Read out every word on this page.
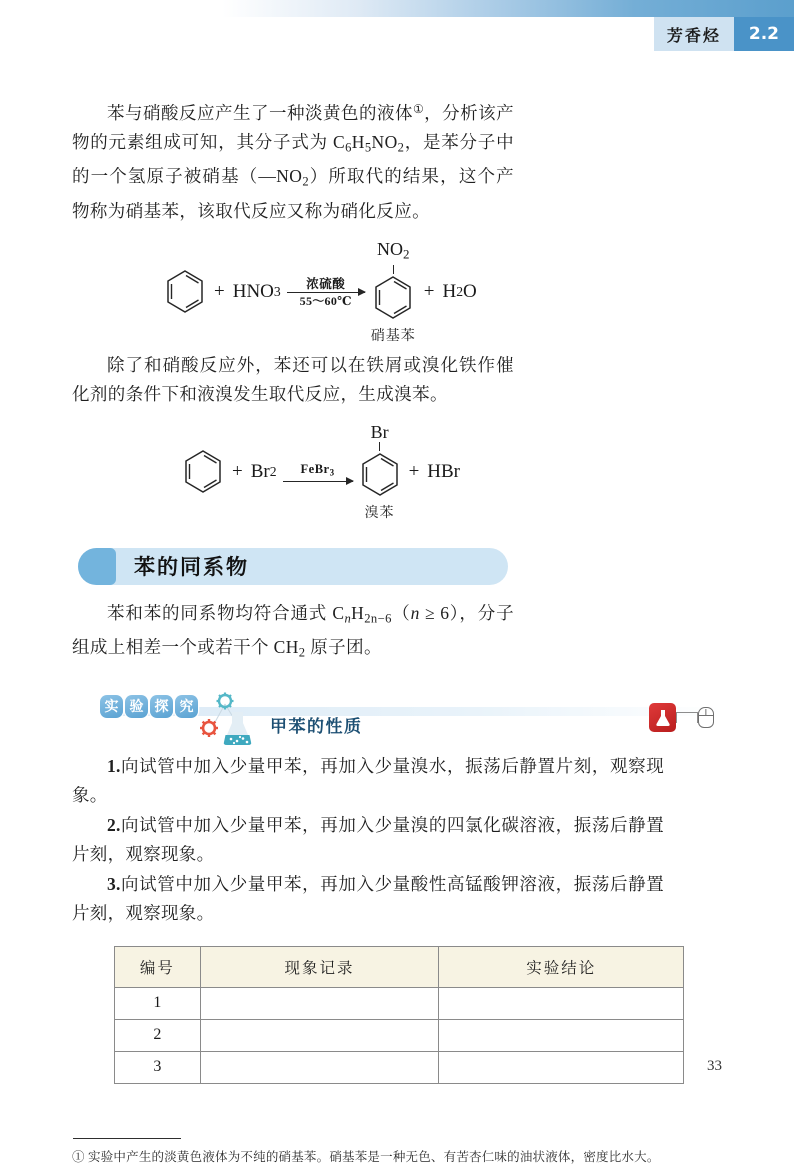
芳香烃	2.2

苯与硝酸反应产生了一种淡黄色的液体①，分析该产物的元素组成可知，其分子式为 $C_6H_5NO_2$，是苯分子中的一个氢原子被硝基$(—NO_2)$所取代的结果，这个产物称为硝基苯，该取代反应又称为硝化反应。

+ HNO 3
浓硫酸
55～60℃
$NO_2$
硝基苯
+ H 2 O

除了和硝酸反应外，苯还可以在铁屑或溴化铁作催化剂的条件下和液溴发生取代反应，生成溴苯。

+ Br 2 FeBr$_3$
Br
溴苯
+ HBr
苯的同系物

苯和苯的同系物均符合通式 $C_nH_{2n-6}(n \ge 6)$，分子组成上相差一个或若干个 $CH_2$ 原子团。

实 验 探 究
甲苯的性质

1.向试管中加入少量甲苯，再加入少量溴水，振荡后静置片刻，观察现象。

2.向试管中加入少量甲苯，再加入少量溴的四氯化碳溶液，振荡后静置片刻，观察现象。

3.向试管中加入少量甲苯，再加入少量酸性高锰酸钾溶液，振荡后静置片刻，观察现象。

编号	现象记录	实验结论
1		
2		
3		
① 实验中产生的淡黄色液体为不纯的硝基苯。硝基苯是一种无色、有苦杏仁味的油状液体，密度比水大。
33
